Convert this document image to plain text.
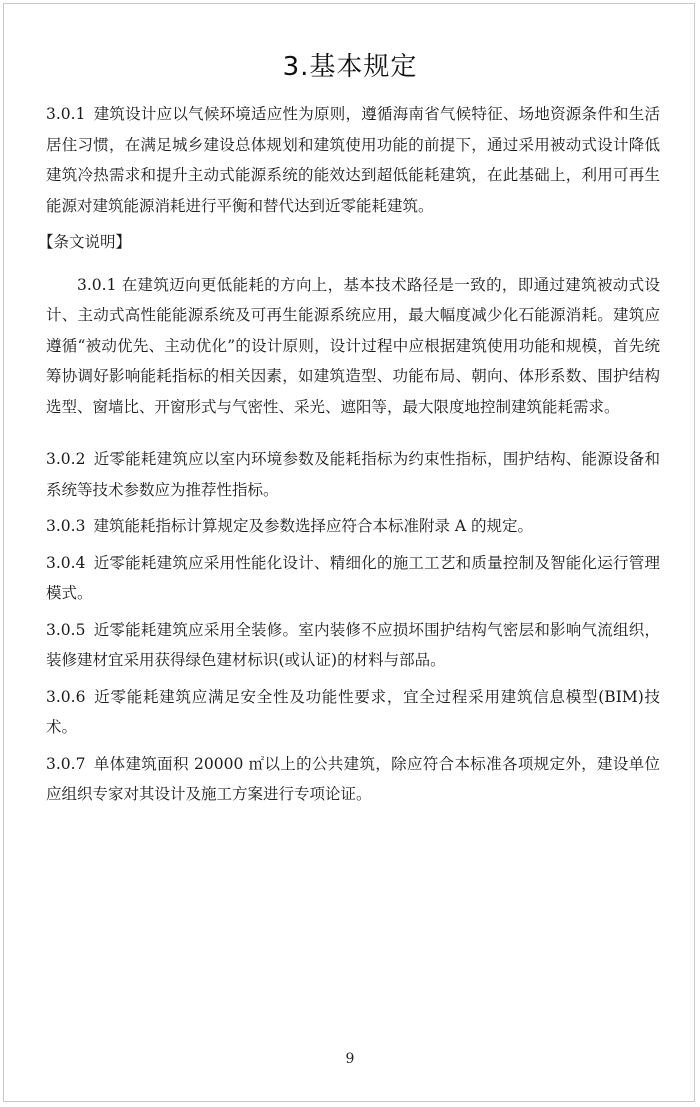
3.基本规定

3.0.1 建筑设计应以气候环境适应性为原则，遵循海南省气候特征、场地资源条件和生活居住习惯，在满足城乡建设总体规划和建筑使用功能的前提下，通过采用被动式设计降低建筑冷热需求和提升主动式能源系统的能效达到超低能耗建筑，在此基础上，利用可再生能源对建筑能源消耗进行平衡和替代达到近零能耗建筑。

【条文说明】

3.0.1 在建筑迈向更低能耗的方向上，基本技术路径是一致的，即通过建筑被动式设计、主动式高性能能源系统及可再生能源系统应用，最大幅度减少化石能源消耗。建筑应遵循“被动优先、主动优化”的设计原则，设计过程中应根据建筑使用功能和规模，首先统筹协调好影响能耗指标的相关因素，如建筑造型、功能布局、朝向、体形系数、围护结构选型、窗墙比、开窗形式与气密性、采光、遮阳等，最大限度地控制建筑能耗需求。

3.0.2 近零能耗建筑应以室内环境参数及能耗指标为约束性指标，围护结构、能源设备和系统等技术参数应为推荐性指标。

3.0.3 建筑能耗指标计算规定及参数选择应符合本标准附录 A 的规定。

3.0.4 近零能耗建筑应采用性能化设计、精细化的施工工艺和质量控制及智能化运行管理模式。

3.0.5 近零能耗建筑应采用全装修。室内装修不应损坏围护结构气密层和影响气流组织，装修建材宜采用获得绿色建材标识(或认证)的材料与部品。

3.0.6 近零能耗建筑应满足安全性及功能性要求，宜全过程采用建筑信息模型(BIM)技术。

3.0.7 单体建筑面积 20000 ㎡以上的公共建筑，除应符合本标准各项规定外，建设单位应组织专家对其设计及施工方案进行专项论证。

9
